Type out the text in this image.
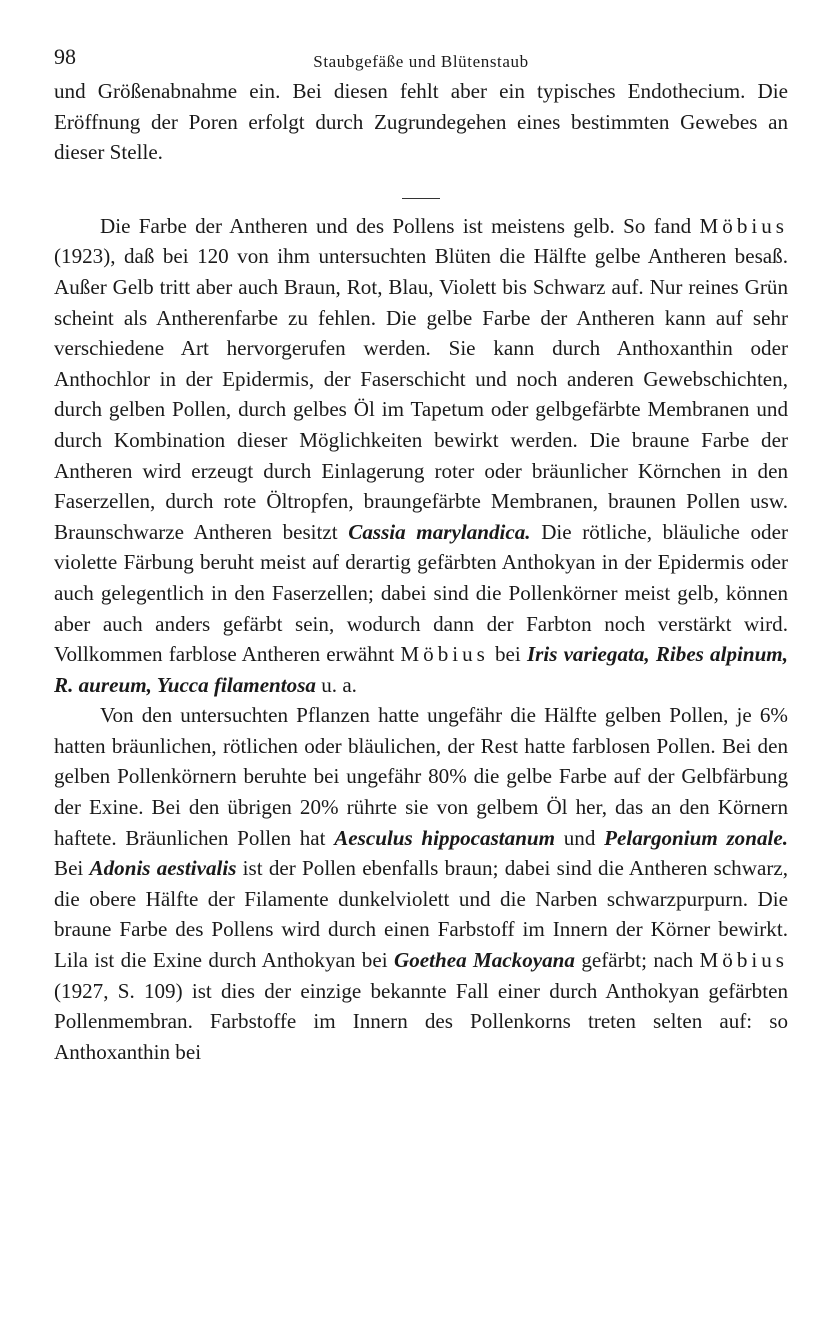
98	Staubgefäße und Blütenstaub

und Größenabnahme ein. Bei diesen fehlt aber ein typisches Endothecium. Die Eröffnung der Poren erfolgt durch Zugrundegehen eines bestimmten Gewebes an dieser Stelle.

Die Farbe der Antheren und des Pollens ist meistens gelb. So fand Möbius (1923), daß bei 120 von ihm untersuchten Blüten die Hälfte gelbe Antheren besaß. Außer Gelb tritt aber auch Braun, Rot, Blau, Violett bis Schwarz auf. Nur reines Grün scheint als Antherenfarbe zu fehlen. Die gelbe Farbe der Antheren kann auf sehr verschiedene Art hervorgerufen werden. Sie kann durch Anthoxanthin oder Anthochlor in der Epidermis, der Faserschicht und noch anderen Gewebschichten, durch gelben Pollen, durch gelbes Öl im Tapetum oder gelbgefärbte Membranen und durch Kombination dieser Möglichkeiten bewirkt werden. Die braune Farbe der Antheren wird erzeugt durch Einlagerung roter oder bräunlicher Körnchen in den Faserzellen, durch rote Öltropfen, braungefärbte Membranen, braunen Pollen usw. Braunschwarze Antheren besitzt Cassia marylandica. Die rötliche, bläuliche oder violette Färbung beruht meist auf derartig gefärbten Anthokyan in der Epidermis oder auch gelegentlich in den Faserzellen; dabei sind die Pollenkörner meist gelb, können aber auch anders gefärbt sein, wodurch dann der Farbton noch verstärkt wird. Vollkommen farblose Antheren erwähnt Möbius bei Iris variegata, Ribes alpinum, R. aureum, Yucca filamentosa u. a.

Von den untersuchten Pflanzen hatte ungefähr die Hälfte gelben Pollen, je 6% hatten bräunlichen, rötlichen oder bläulichen, der Rest hatte farblosen Pollen. Bei den gelben Pollenkörnern beruhte bei ungefähr 80% die gelbe Farbe auf der Gelbfärbung der Exine. Bei den übrigen 20% rührte sie von gelbem Öl her, das an den Körnern haftete. Bräunlichen Pollen hat Aesculus hippocastanum und Pelargonium zonale. Bei Adonis aestivalis ist der Pollen ebenfalls braun; dabei sind die Antheren schwarz, die obere Hälfte der Filamente dunkelviolett und die Narben schwarzpurpurn. Die braune Farbe des Pollens wird durch einen Farbstoff im Innern der Körner bewirkt. Lila ist die Exine durch Anthokyan bei Goethea Mackoyana gefärbt; nach Möbius (1927, S. 109) ist dies der einzige bekannte Fall einer durch Anthokyan gefärbten Pollenmembran. Farbstoffe im Innern des Pollenkorns treten selten auf: so Anthoxanthin bei
